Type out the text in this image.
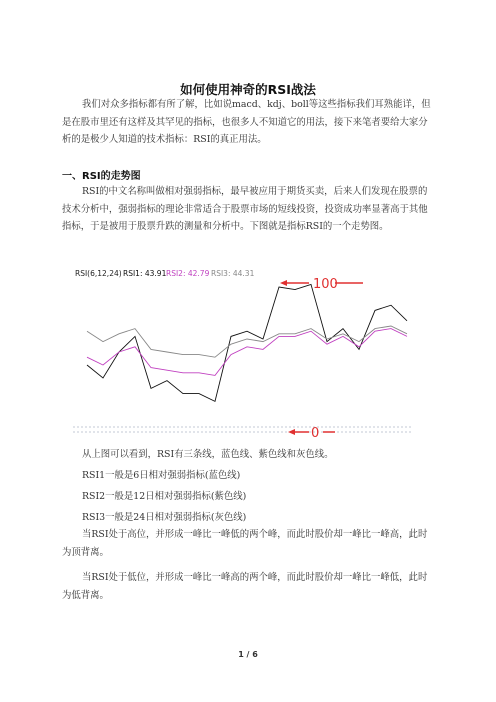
如何使用神奇的RSI战法

我们对众多指标都有所了解，比如说macd、kdj、boll等这些指标我们耳熟能详，但是在股市里还有这样及其罕见的指标，也很多人不知道它的用法，接下来笔者要给大家分析的是极少人知道的技术指标：RSI的真正用法。

一、RSI的走势图

RSI的中文名称叫做相对强弱指标，最早被应用于期货买卖，后来人们发现在股票的技术分析中，强弱指标的理论非常适合于股票市场的短线投资，投资成功率显著高于其他指标，于是被用于股票升跌的测量和分析中。下图就是指标RSI的一个走势图。

RSI(6,12,24) RSI1: 43.91 RSI2: 42.79 RSI3: 44.31
100
0
从上图可以看到，RSI有三条线，蓝色线、紫色线和灰色线。
RSI1一般是6日相对强弱指标(蓝色线)
RSI2一般是12日相对强弱指标(紫色线)
RSI3一般是24日相对强弱指标(灰色线)

当RSI处于高位，并形成一峰比一峰低的两个峰，而此时股价却一峰比一峰高，此时为顶背离。

当RSI处于低位，并形成一峰比一峰高的两个峰，而此时股价却一峰比一峰低，此时为低背离。

1 / 6
